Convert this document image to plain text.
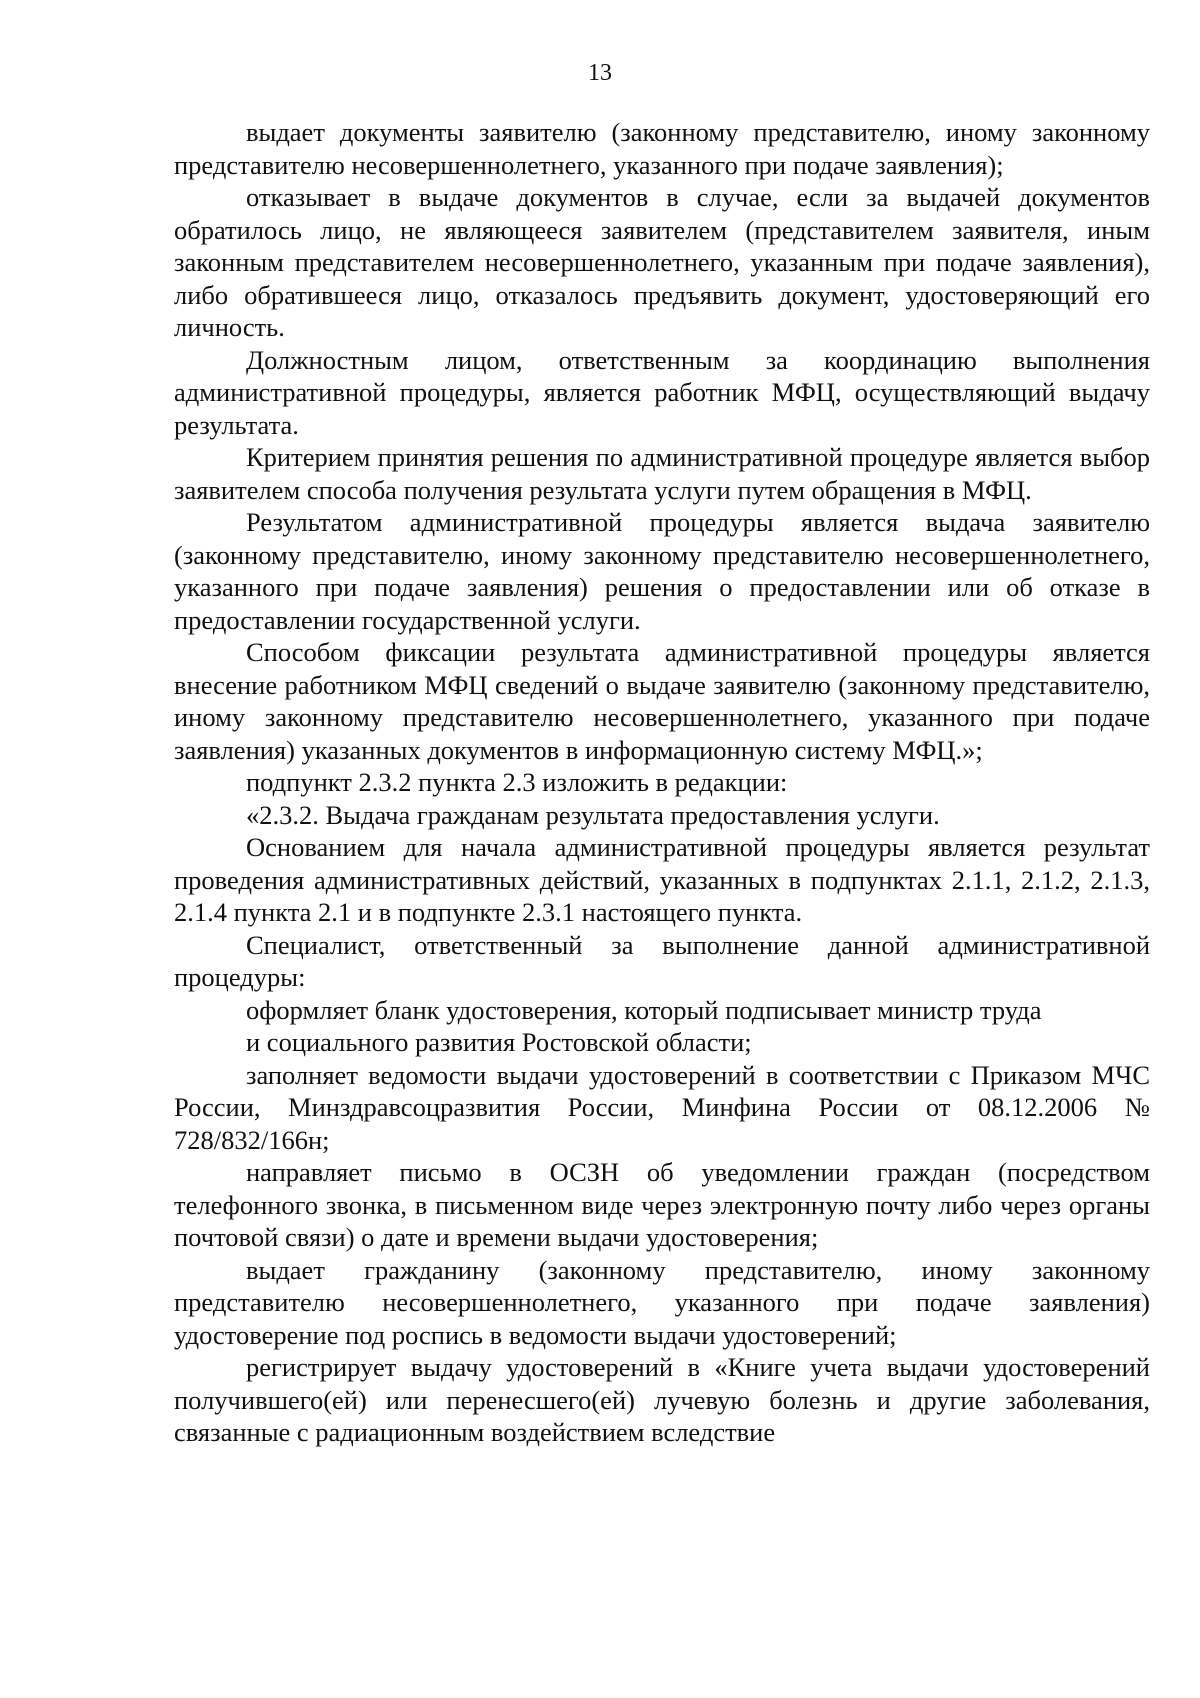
13

выдает документы заявителю (законному представителю, иному законному представителю несовершеннолетнего, указанного при подаче заявления);

отказывает в выдаче документов в случае, если за выдачей документов обратилось лицо, не являющееся заявителем (представителем заявителя, иным законным представителем несовершеннолетнего, указанным при подаче заявления), либо обратившееся лицо, отказалось предъявить документ, удостоверяющий его личность.

Должностным лицом, ответственным за координацию выполнения административной процедуры, является работник МФЦ, осуществляющий выдачу результата.

Критерием принятия решения по административной процедуре является выбор заявителем способа получения результата услуги путем обращения в МФЦ.

Результатом административной процедуры является выдача заявителю (законному представителю, иному законному представителю несовершеннолетнего, указанного при подаче заявления) решения о предоставлении или об отказе в предоставлении государственной услуги.

Способом фиксации результата административной процедуры является внесение работником МФЦ сведений о выдаче заявителю (законному представителю, иному законному представителю несовершеннолетнего, указанного при подаче заявления) указанных документов в информационную систему МФЦ.»;

подпункт 2.3.2 пункта 2.3 изложить в редакции:

«2.3.2. Выдача гражданам результата предоставления услуги.

Основанием для начала административной процедуры является результат проведения административных действий, указанных в подпунктах 2.1.1, 2.1.2, 2.1.3, 2.1.4 пункта 2.1 и в подпункте 2.3.1 настоящего пункта.

Специалист, ответственный за выполнение данной административной процедуры:

оформляет бланк удостоверения, который подписывает министр труда

и социального развития Ростовской области;

заполняет ведомости выдачи удостоверений в соответствии с Приказом МЧС России, Минздравсоцразвития России, Минфина России от 08.12.2006 № 728/832/166н;

направляет письмо в ОСЗН об уведомлении граждан (посредством телефонного звонка, в письменном виде через электронную почту либо через органы почтовой связи) о дате и времени выдачи удостоверения;

выдает гражданину (законному представителю, иному законному представителю несовершеннолетнего, указанного при подаче заявления) удостоверение под роспись в ведомости выдачи удостоверений;

регистрирует выдачу удостоверений в «Книге учета выдачи удостоверений получившего(ей) или перенесшего(ей) лучевую болезнь и другие заболевания, связанные с радиационным воздействием вследствие
